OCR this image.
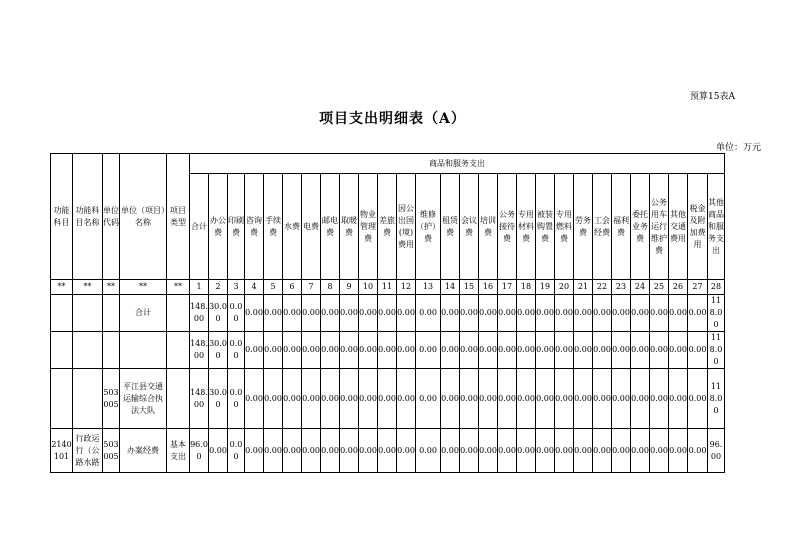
预算15表A
项目支出明细表（A）
单位：万元
功能科目	功能科目名称	单位代码	单位（项目）名称	项目类型	商品和服务支出																											
					合计	办公费	印刷费	咨询费	手续费	水费	电费	邮电费	取暖费	物业管理费	差旅费	因公出国(境)费用	维修（护）费	租赁费	会议费	培训费	公务接待费	专用材料费	被装购置费	专用燃料费	劳务费	工会经费	福利费	委托业务费	公务用车运行维护费	其他交通费用	税金及附加费用	其他商品和服务支出
**	**	**	**	**	1	2	3	4	5	6	7	8	9	10	11	12	13	14	15	16	17	18	19	20	21	22	23	24	25	26	27	28
			合计		148.00	30.00	0.00	0.00	0.00	0.00	0.00	0.00	0.00	0.00	0.00	0.00	0.00	0.00	0.00	0.00	0.00	0.00	0.00	0.00	0.00	0.00	0.00	0.00	0.00	0.00	0.00	118.00
					148.00	30.00	0.00	0.00	0.00	0.00	0.00	0.00	0.00	0.00	0.00	0.00	0.00	0.00	0.00	0.00	0.00	0.00	0.00	0.00	0.00	0.00	0.00	0.00	0.00	0.00	0.00	118.00
		503005	平江县交通运输综合执法大队		148.00	30.00	0.00	0.00	0.00	0.00	0.00	0.00	0.00	0.00	0.00	0.00	0.00	0.00	0.00	0.00	0.00	0.00	0.00	0.00	0.00	0.00	0.00	0.00	0.00	0.00	0.00	118.00
2140101	行政运行（公路水路	503005	办案经费	基本支出	96.00	0.00	0.00	0.00	0.00	0.00	0.00	0.00	0.00	0.00	0.00	0.00	0.00	0.00	0.00	0.00	0.00	0.00	0.00	0.00	0.00	0.00	0.00	0.00	0.00	0.00	0.00	96.00
